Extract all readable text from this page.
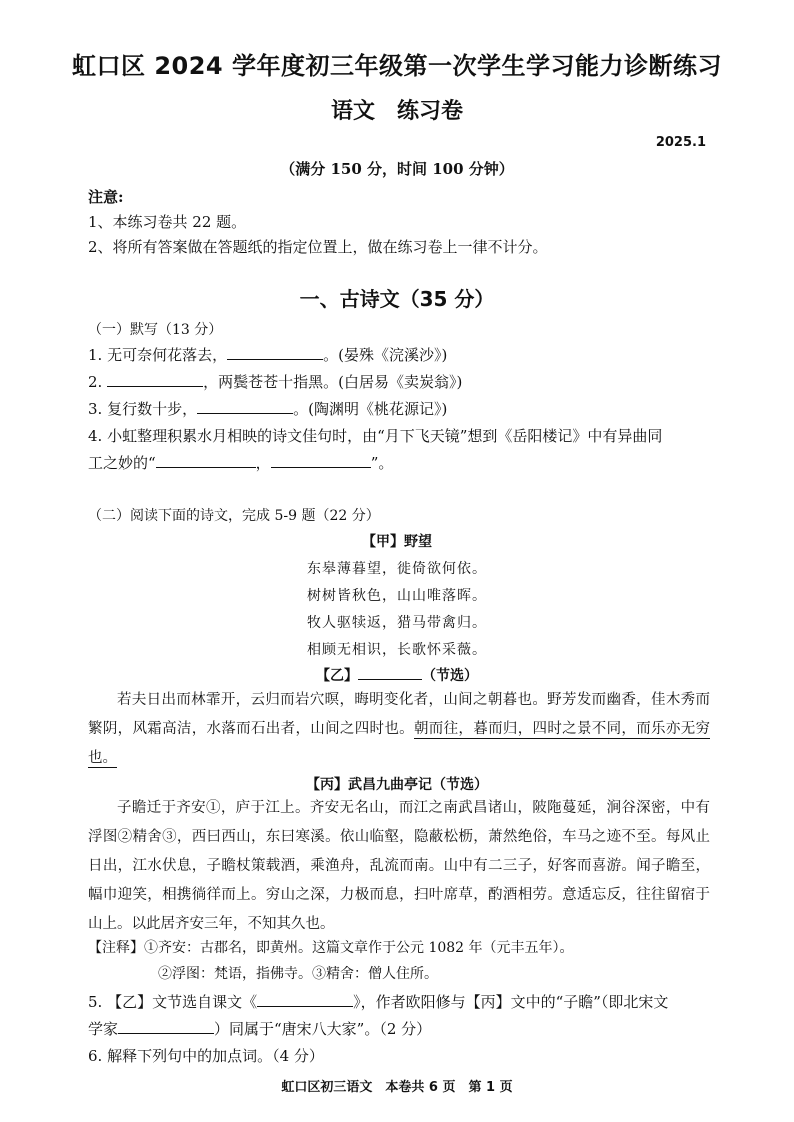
虹口区 2024 学年度初三年级第一次学生学习能力诊断练习
语文　练习卷
2025.1
（满分 150 分，时间 100 分钟）
注意:
1、本练习卷共 22 题。
2、将所有答案做在答题纸的指定位置上，做在练习卷上一律不计分。
一、古诗文（35 分）
（一）默写（13 分）
1. 无可奈何花落去，	。(晏殊《浣溪沙》)
2.	，两鬓苍苍十指黑。(白居易《卖炭翁》)
3. 复行数十步，	。(陶渊明《桃花源记》)
4. 小虹整理积累水月相映的诗文佳句时，由“月下飞天镜”想到《岳阳楼记》中有异曲同
工之妙的“	，	”。
（二）阅读下面的诗文，完成 5-9 题（22 分）
【甲】野望
东皋薄暮望，徙倚欲何依。
树树皆秋色，山山唯落晖。
牧人驱犊返，猎马带禽归。
相顾无相识，长歌怀采薇。
【乙】	（节选）
若夫日出而林霏开，云归而岩穴暝，晦明变化者，山间之朝暮也。野芳发而幽香，佳木秀而繁阴，风霜高洁，水落而石出者，山间之四时也。朝而往，暮而归，四时之景不同，而乐亦无穷也。
【丙】武昌九曲亭记（节选）
子瞻迁于齐安①，庐于江上。齐安无名山，而江之南武昌诸山，陂陁蔓延，涧谷深密，中有浮图②精舍③，西曰西山，东曰寒溪。依山临壑，隐蔽松枥，萧然绝俗，车马之迹不至。每风止日出，江水伏息，子瞻杖策载酒，乘渔舟，乱流而南。山中有二三子，好客而喜游。闻子瞻至，幅巾迎笑，相携徜徉而上。穷山之深，力极而息，扫叶席草，酌酒相劳。意适忘反，往往留宿于山上。以此居齐安三年，不知其久也。
【注释】①齐安：古郡名，即黄州。这篇文章作于公元 1082 年（元丰五年）。
②浮图：梵语，指佛寺。③精舍：僧人住所。
5. 【乙】文节选自课文《	》，作者欧阳修与【丙】文中的“子瞻”（即北宋文
学家	）同属于“唐宋八大家”。（2 分）
6. 解释下列句中的加点词。（4 分）
虹口区初三语文　本卷共 6 页　第 1 页
